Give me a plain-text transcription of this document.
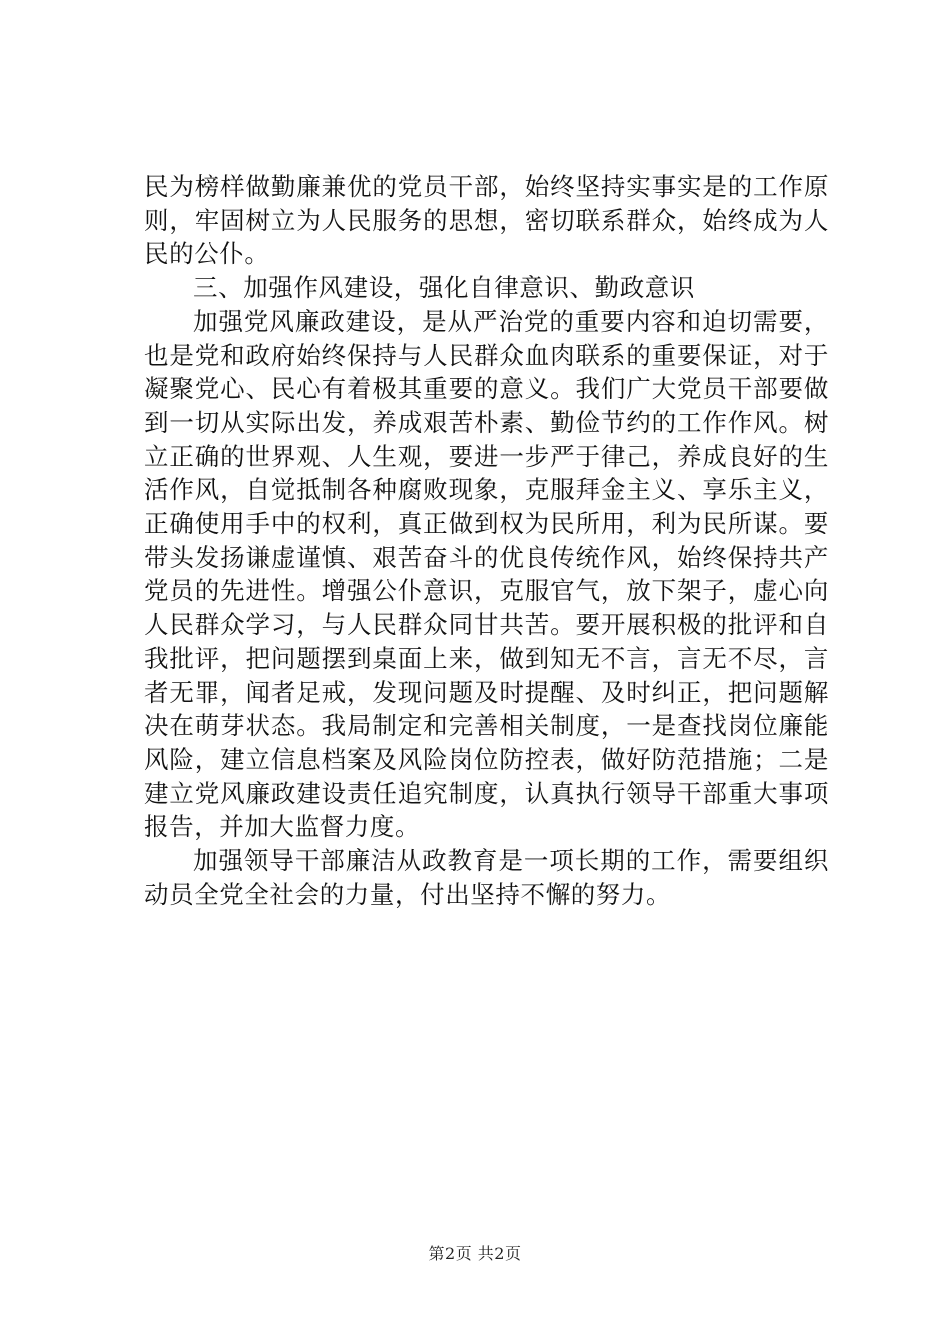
民为榜样做勤廉兼优的党员干部，始终坚持实事实是的工作原则，牢固树立为人民服务的思想，密切联系群众，始终成为人民的公仆。

三、加强作风建设，强化自律意识、勤政意识

加强党风廉政建设，是从严治党的重要内容和迫切需要，也是党和政府始终保持与人民群众血肉联系的重要保证，对于凝聚党心、民心有着极其重要的意义。我们广大党员干部要做到一切从实际出发，养成艰苦朴素、勤俭节约的工作作风。树立正确的世界观、人生观，要进一步严于律己，养成良好的生活作风，自觉抵制各种腐败现象，克服拜金主义、享乐主义，正确使用手中的权利，真正做到权为民所用，利为民所谋。要带头发扬谦虚谨慎、艰苦奋斗的优良传统作风，始终保持共产党员的先进性。增强公仆意识，克服官气，放下架子，虚心向人民群众学习，与人民群众同甘共苦。要开展积极的批评和自我批评，把问题摆到桌面上来，做到知无不言，言无不尽，言者无罪，闻者足戒，发现问题及时提醒、及时纠正，把问题解决在萌芽状态。我局制定和完善相关制度，一是查找岗位廉能风险，建立信息档案及风险岗位防控表，做好防范措施；二是建立党风廉政建设责任追究制度，认真执行领导干部重大事项报告，并加大监督力度。

加强领导干部廉洁从政教育是一项长期的工作，需要组织动员全党全社会的力量，付出坚持不懈的努力。

第2页 共2页
